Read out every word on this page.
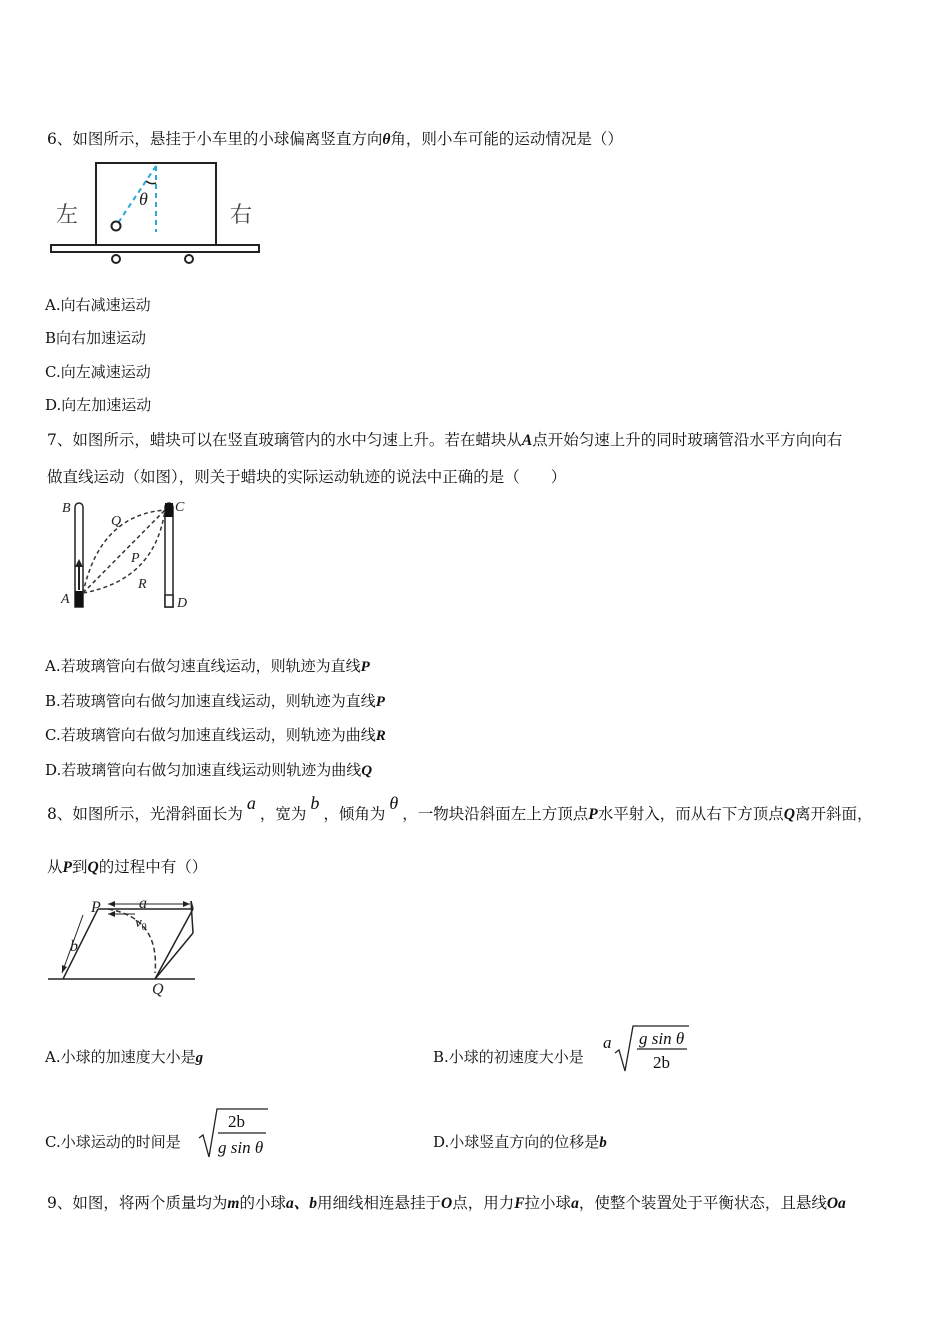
6、如图所示，悬挂于小车里的小球偏离竖直方向θ角，则小车可能的运动情况是（）
θ
左	右
A.向右减速运动
B向右加速运动
C.向左减速运动
D.向左加速运动
7、如图所示，蜡块可以在竖直玻璃管内的水中匀速上升。若在蜡块从A点开始匀速上升的同时玻璃管沿水平方向向右
做直线运动（如图），则关于蜡块的实际运动轨迹的说法中正确的是（　　）
B	C
Q
P
R
A	D
A.若玻璃管向右做匀速直线运动，则轨迹为直线P
B.若玻璃管向右做匀加速直线运动，则轨迹为直线P
C.若玻璃管向右做匀加速直线运动，则轨迹为曲线R
D.若玻璃管向右做匀加速直线运动则轨迹为曲线Q
8、如图所示，光滑斜面长为a，宽为b，倾角为θ，一物块沿斜面左上方顶点P水平射入，而从右下方顶点Q离开斜面，
从P到Q的过程中有（）
P a
$v_0$
b
Q
A.小球的加速度大小是g	B.小球的初速度大小是
a g sin θ
2b
C.小球运动的时间是
2b
g sin θ	D.小球竖直方向的位移是b
9、如图，将两个质量均为m的小球a、b用细线相连悬挂于O点，用力F拉小球a，使整个装置处于平衡状态，且悬线Oa
